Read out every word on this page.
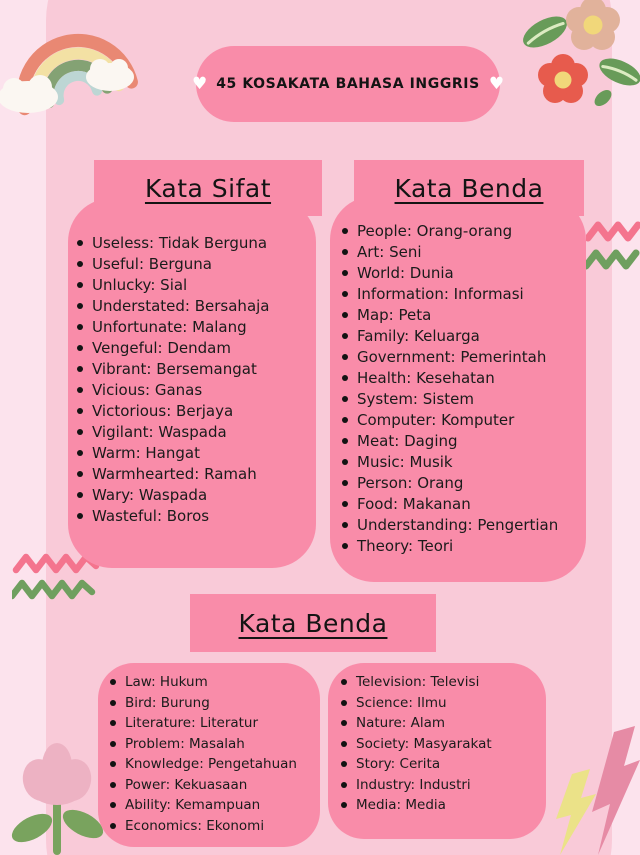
♥ 45 KOSAKATA BAHASA INGGRIS ♥
Useless: Tidak Berguna
Useful: Berguna
Unlucky: Sial
Understated: Bersahaja
Unfortunate: Malang
Vengeful: Dendam
Vibrant: Bersemangat
Vicious: Ganas
Victorious: Berjaya
Vigilant: Waspada
Warm: Hangat
Warmhearted: Ramah
Wary: Waspada
Wasteful: Boros
Kata Sifat
People: Orang-orang
Art: Seni
World: Dunia
Information: Informasi
Map: Peta
Family: Keluarga
Government: Pemerintah
Health: Kesehatan
System: Sistem
Computer: Komputer
Meat: Daging
Music: Musik
Person: Orang
Food: Makanan
Understanding: Pengertian
Theory: Teori
Kata Benda
Kata Benda
Law: Hukum
Bird: Burung
Literature: Literatur
Problem: Masalah
Knowledge: Pengetahuan
Power: Kekuasaan
Ability: Kemampuan
Economics: Ekonomi
Television: Televisi
Science: Ilmu
Nature: Alam
Society: Masyarakat
Story: Cerita
Industry: Industri
Media: Media
